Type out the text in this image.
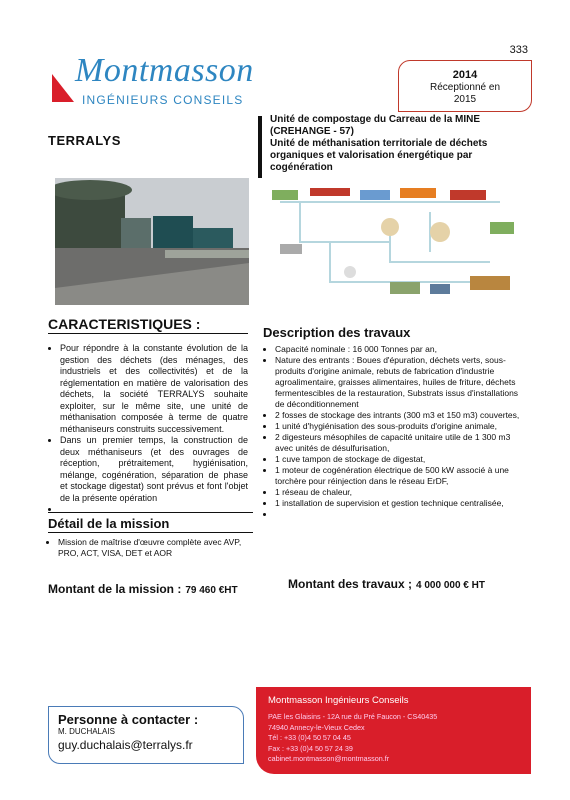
333
Montmasson
INGÉNIEURS CONSEILS
2014
Réceptionné en
2015
TERRALYS
Unité de compostage du Carreau de la MINE
(CREHANGE - 57)
Unité de méthanisation territoriale de déchets organiques et valorisation énergétique par cogénération
CARACTERISTIQUES :
• Pour répondre à la constante évolution de la gestion des déchets (des ménages, des industriels et des collectivités) et de la réglementation en matière de valorisation des déchets, la société TERRALYS souhaite exploiter, sur le même site, une unité de méthanisation composée à terme de quatre méthaniseurs construits successivement.
• Dans un premier temps, la construction de deux méthaniseurs (et des ouvrages de réception, prétraitement, hygiénisation, mélange, cogénération, séparation de phase et stockage digestat) sont prévus et font l'objet de la présente opération
•
Description des travaux
• Capacité nominale : 16 000 Tonnes par an,
• Nature des entrants : Boues d'épuration, déchets verts, sous-produits d'origine animale, rebuts de fabrication d'industrie agroalimentaire, graisses alimentaires, huiles de friture, déchets fermentescibles de la restauration, Substrats issus d'installations de déconditionnement
• 2 fosses de stockage des intrants (300 m3 et 150 m3) couvertes,
• 1 unité d'hygiénisation des sous-produits d'origine animale,
• 2 digesteurs mésophiles de capacité unitaire utile de 1 300 m3 avec unités de désulfurisation,
• 1 cuve tampon de stockage de digestat,
• 1 moteur de cogénération électrique de 500 kW associé à une torchère pour réinjection dans le réseau ErDF,
• 1 réseau de chaleur,
• 1 installation de supervision et gestion technique centralisée,
•
Détail de la mission
• Mission de maîtrise d'œuvre complète avec AVP, PRO, ACT, VISA, DET et AOR
Montant de la mission : 79 460 €HT	Montant des travaux ; 4 000 000 € HT
Personne à contacter :
M. DUCHALAIS
guy.duchalais@terralys.fr
Montmasson Ingénieurs Conseils
PAE les Glaisins - 12A rue du Pré Faucon - CS40435
74940 Annecy-le-Vieux Cedex
Tél : +33 (0)4 50 57 04 45
Fax : +33 (0)4 50 57 24 39
cabinet.montmasson@montmasson.fr
